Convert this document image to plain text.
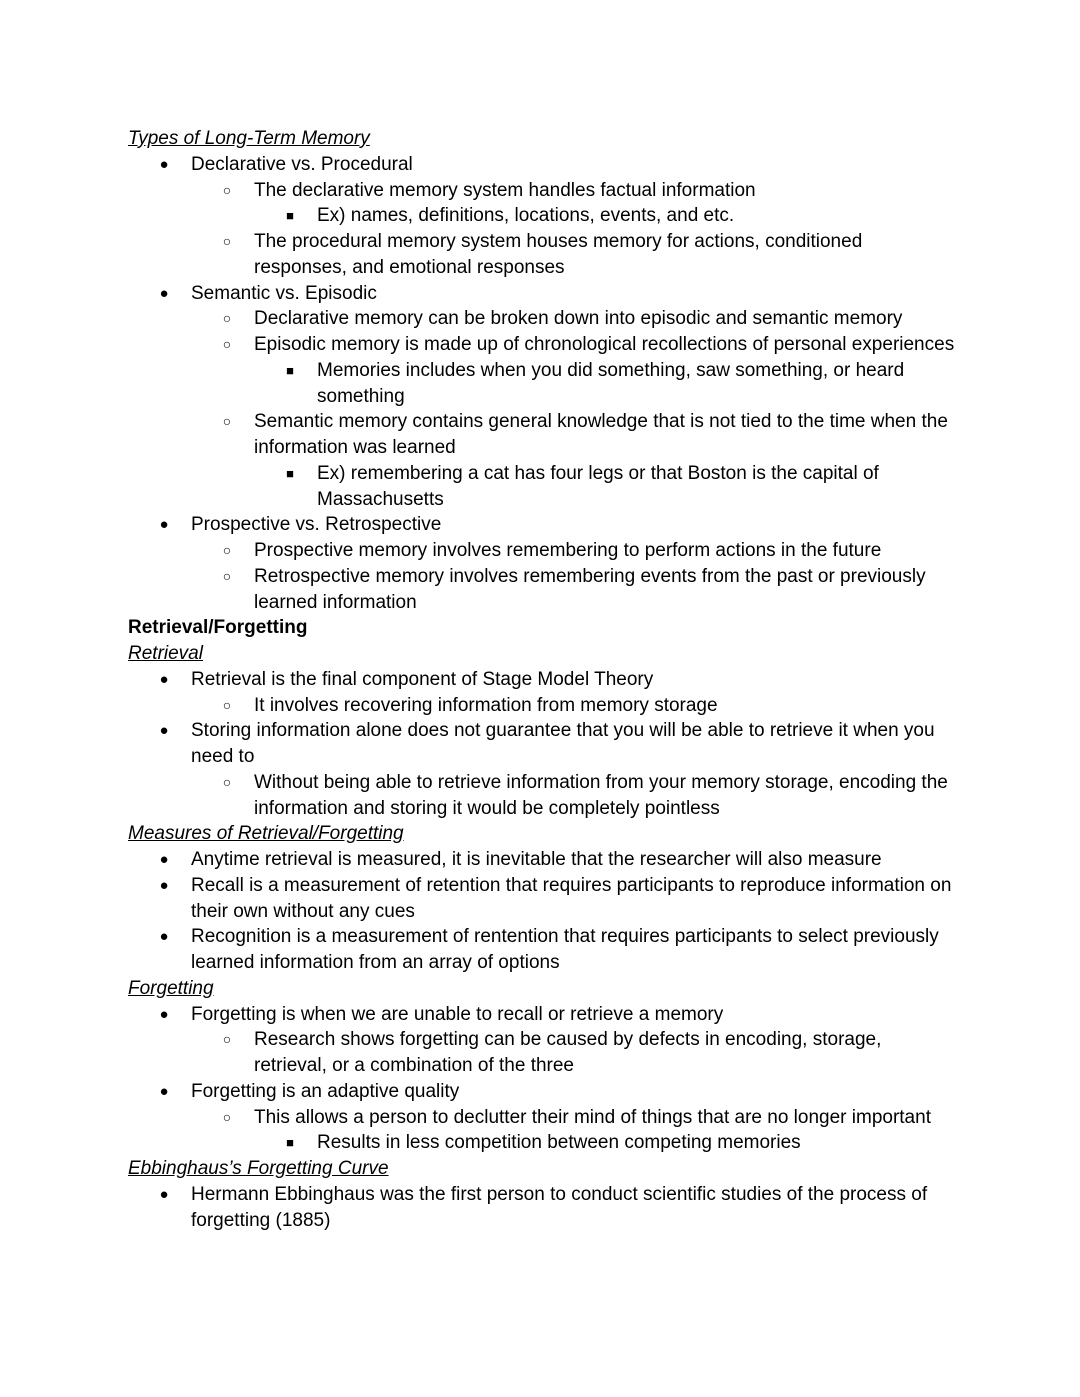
Types of Long-Term Memory
● Declarative vs. Procedural
○	The declarative memory system handles factual information
■	Ex) names, definitions, locations, events, and etc.
○	The procedural memory system houses memory for actions, conditioned responses, and emotional responses
● Semantic vs. Episodic
○	Declarative memory can be broken down into episodic and semantic memory
○	Episodic memory is made up of chronological recollections of personal experiences
■	Memories includes when you did something, saw something, or heard something
○	Semantic memory contains general knowledge that is not tied to the time when the information was learned
■	Ex) remembering a cat has four legs or that Boston is the capital of Massachusetts
● Prospective vs. Retrospective
○	Prospective memory involves remembering to perform actions in the future
○	Retrospective memory involves remembering events from the past or previously learned information
Retrieval/Forgetting
Retrieval
● Retrieval is the final component of Stage Model Theory
○	It involves recovering information from memory storage
● Storing information alone does not guarantee that you will be able to retrieve it when you need to
○	Without being able to retrieve information from your memory storage, encoding the information and storing it would be completely pointless
Measures of Retrieval/Forgetting
● Anytime retrieval is measured, it is inevitable that the researcher will also measure
● Recall is a measurement of retention that requires participants to reproduce information on their own without any cues
● Recognition is a measurement of rentention that requires participants to select previously learned information from an array of options
Forgetting
● Forgetting is when we are unable to recall or retrieve a memory
○	Research shows forgetting can be caused by defects in encoding, storage, retrieval, or a combination of the three
● Forgetting is an adaptive quality
○	This allows a person to declutter their mind of things that are no longer important
■	Results in less competition between competing memories
Ebbinghaus’s Forgetting Curve
● Hermann Ebbinghaus was the first person to conduct scientific studies of the process of forgetting (1885)
